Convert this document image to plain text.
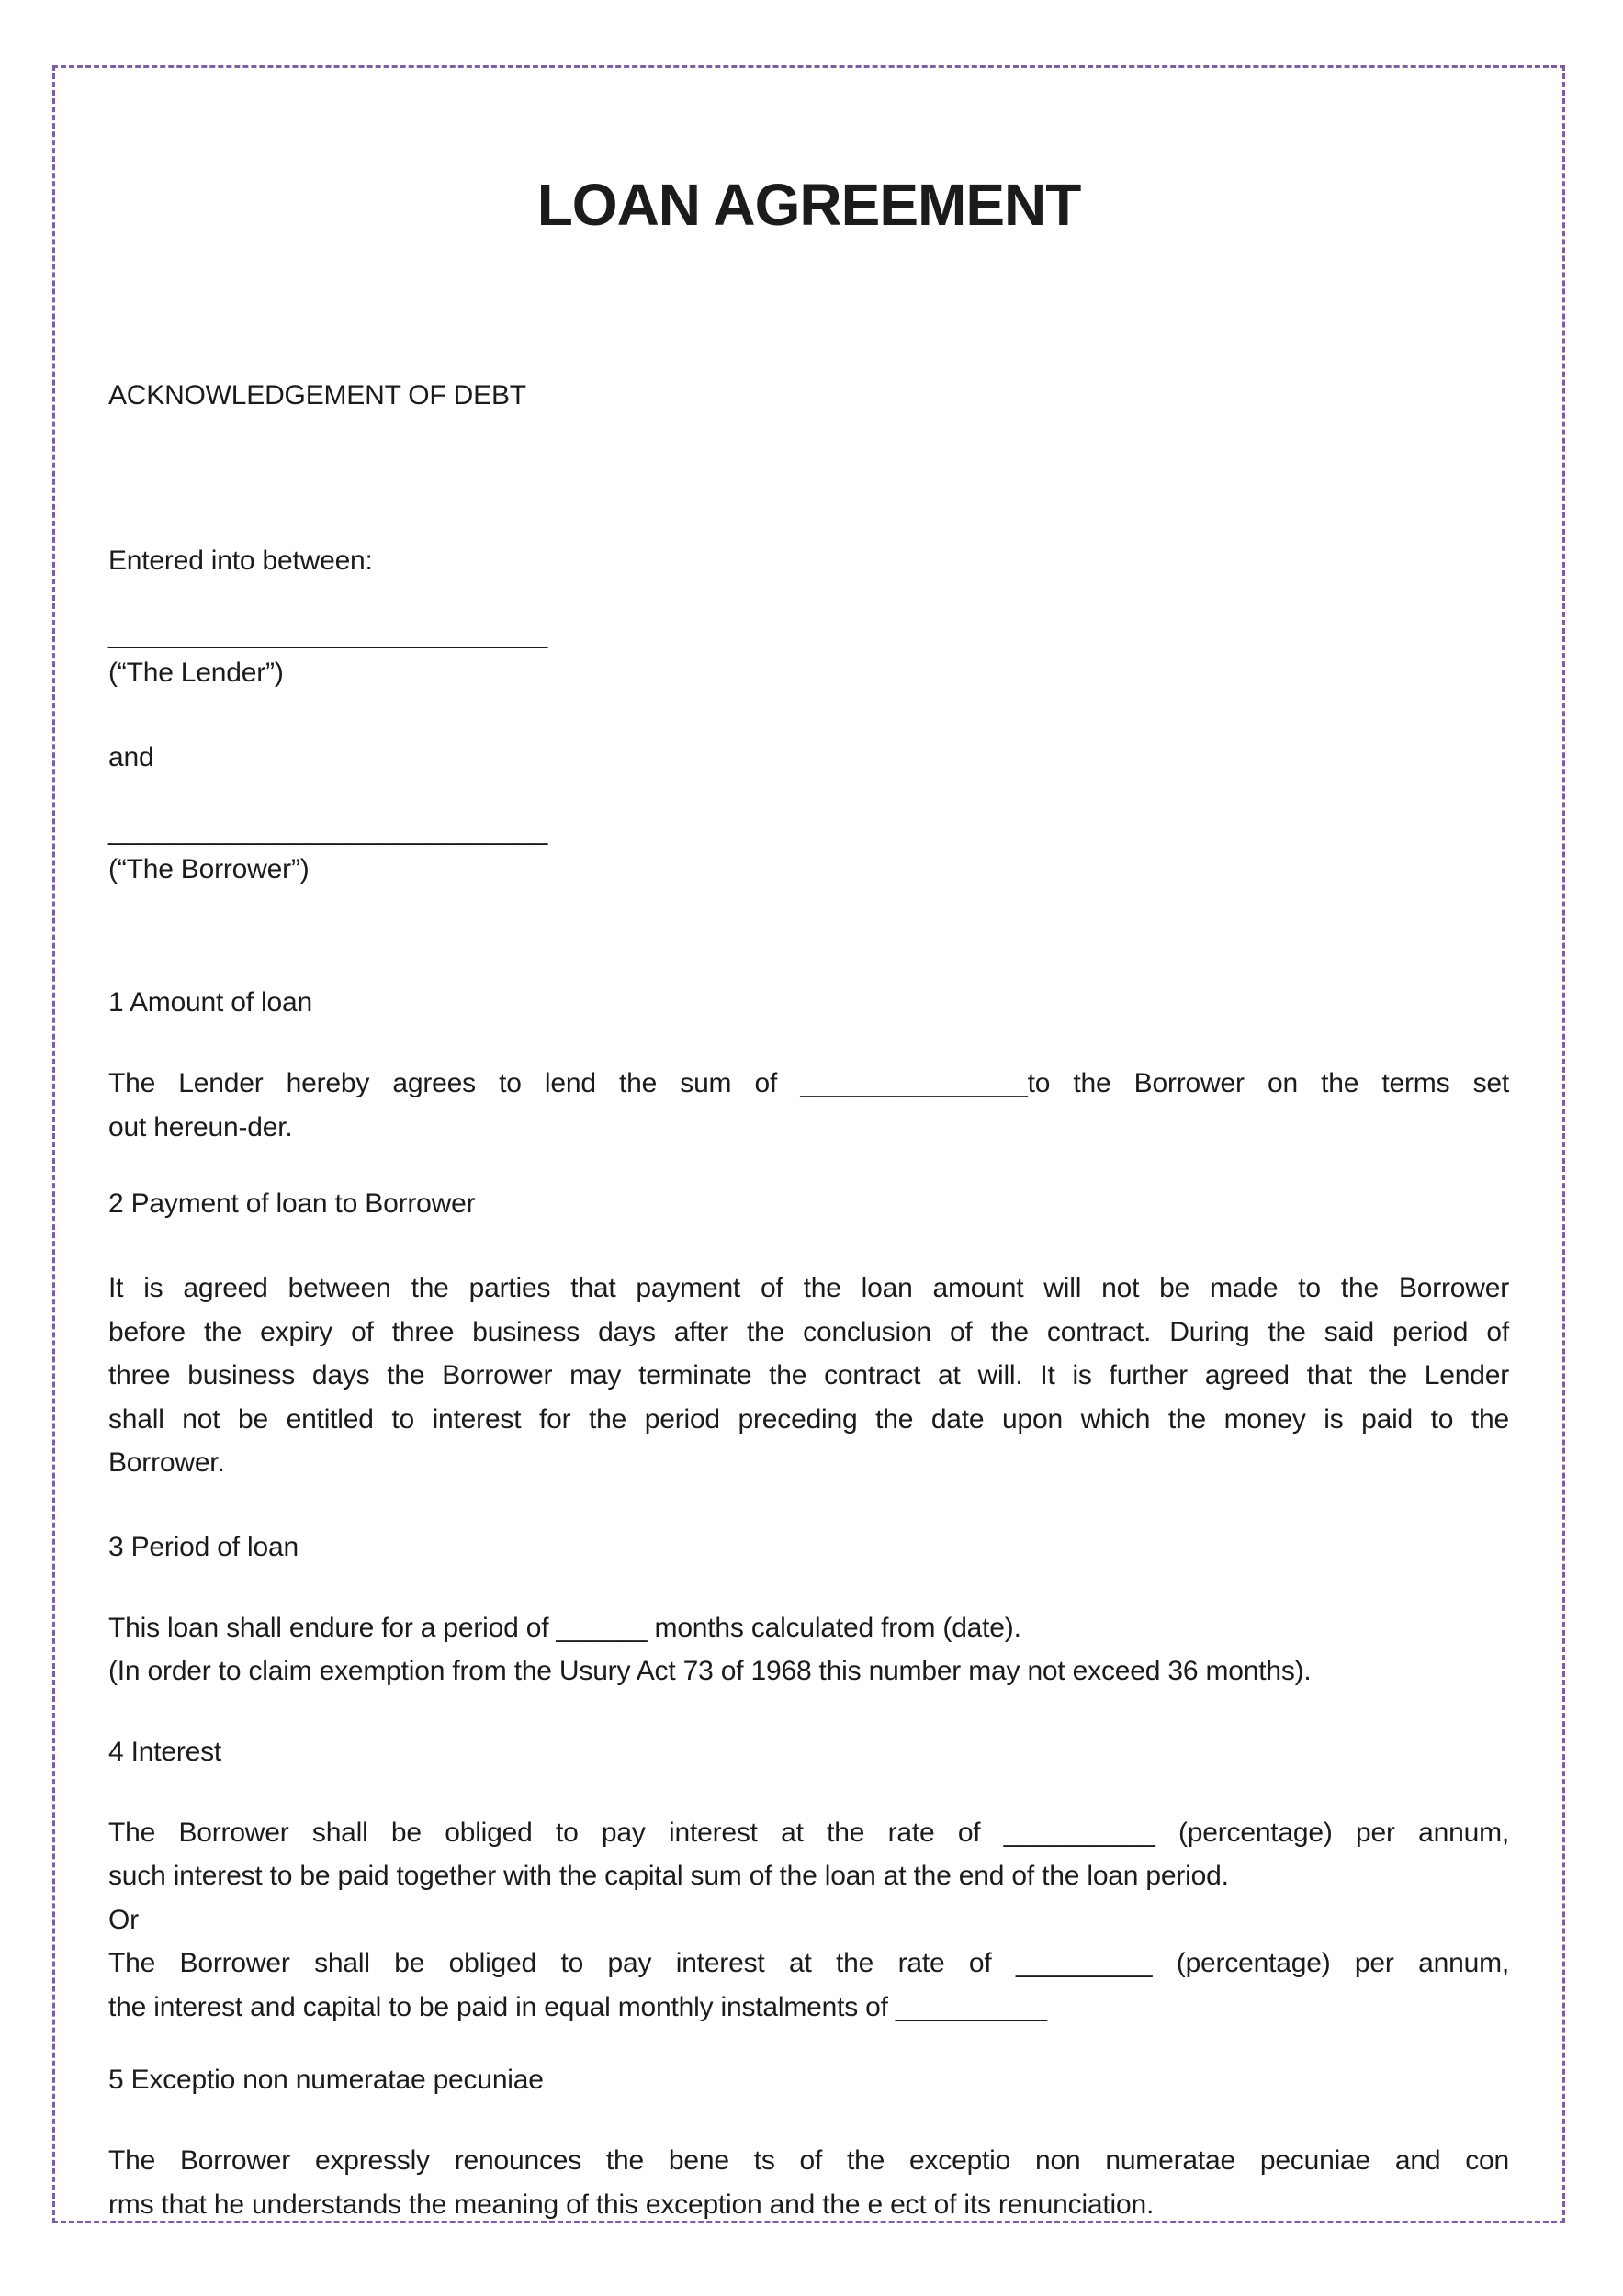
LOAN AGREEMENT
ACKNOWLEDGEMENT OF DEBT
Entered into between:
_____________________________
(“The Lender”)
and
_____________________________
(“The Borrower”)
1 Amount of loan
The Lender hereby agrees to lend the sum of _______________to the Borrower on the terms set
out hereun-der.
2 Payment of loan to Borrower
It is agreed between the parties that payment of the loan amount will not be made to the Borrower
before the expiry of three business days after the conclusion of the contract. During the said period of
three business days the Borrower may terminate the contract at will. It is further agreed that the Lender
shall not be entitled to interest for the period preceding the date upon which the money is paid to the
Borrower.
3 Period of loan
This loan shall endure for a period of ______ months calculated from (date).
(In order to claim exemption from the Usury Act 73 of 1968 this number may not exceed 36 months).
4 Interest
The Borrower shall be obliged to pay interest at the rate of __________ (percentage) per annum,
such interest to be paid together with the capital sum of the loan at the end of the loan period.
Or
The Borrower shall be obliged to pay interest at the rate of _________ (percentage) per annum,
the interest and capital to be paid in equal monthly instalments of __________
5 Exceptio non numeratae pecuniae
The Borrower expressly renounces the bene ts of the exceptio non numeratae pecuniae and con
rms that he understands the meaning of this exception and the e ect of its renunciation.
